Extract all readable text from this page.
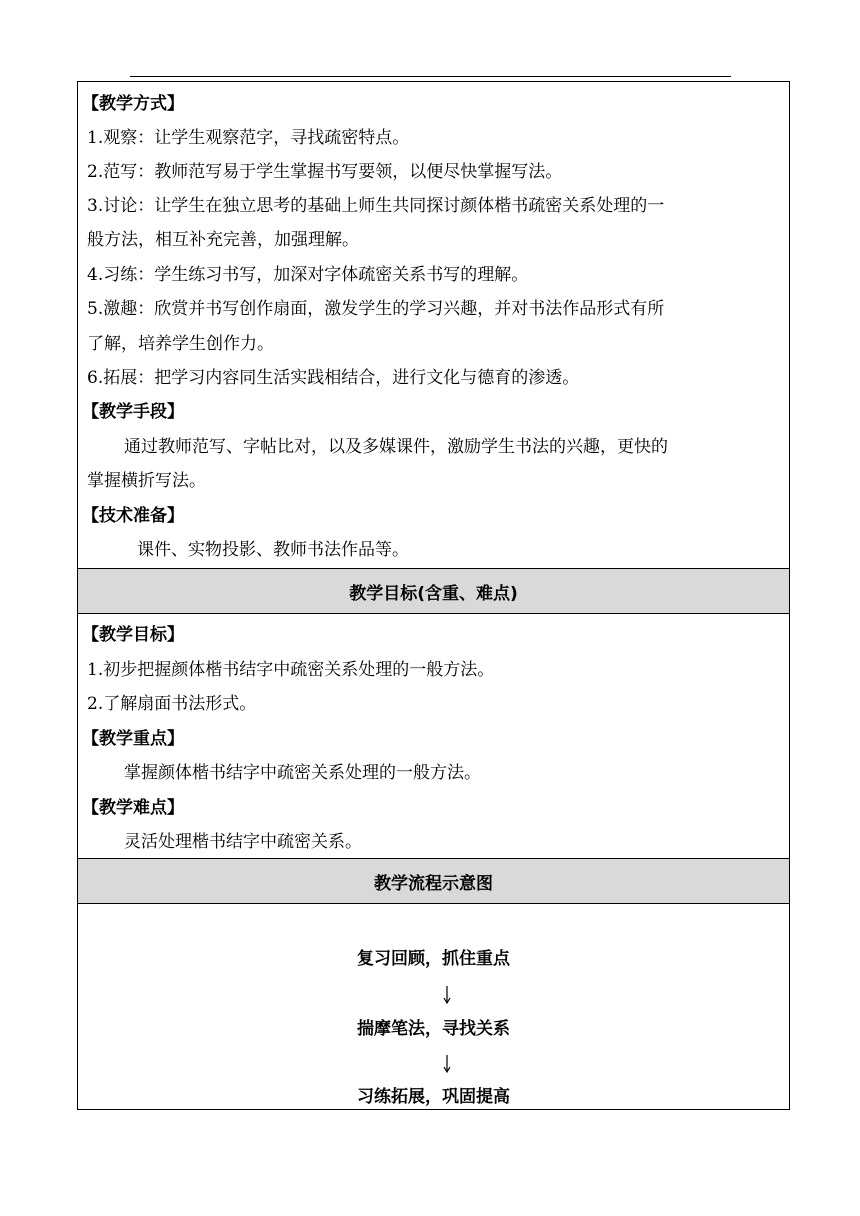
【教学方式】
1.观察：让学生观察范字，寻找疏密特点。
2.范写：教师范写易于学生掌握书写要领，以便尽快掌握写法。
3.讨论：让学生在独立思考的基础上师生共同探讨颜体楷书疏密关系处理的一
般方法，相互补充完善，加强理解。
4.习练：学生练习书写，加深对字体疏密关系书写的理解。
5.激趣：欣赏并书写创作扇面，激发学生的学习兴趣，并对书法作品形式有所
了解，培养学生创作力。
6.拓展：把学习内容同生活实践相结合，进行文化与德育的渗透。
【教学手段】
通过教师范写、字帖比对，以及多媒课件，激励学生书法的兴趣，更快的
掌握横折写法。
【技术准备】
课件、实物投影、教师书法作品等。
教学目标(含重、难点)
【教学目标】
1.初步把握颜体楷书结字中疏密关系处理的一般方法。
2.了解扇面书法形式。
【教学重点】
掌握颜体楷书结字中疏密关系处理的一般方法。
【教学难点】
灵活处理楷书结字中疏密关系。
教学流程示意图
复习回顾，抓住重点
揣摩笔法，寻找关系
习练拓展，巩固提高
